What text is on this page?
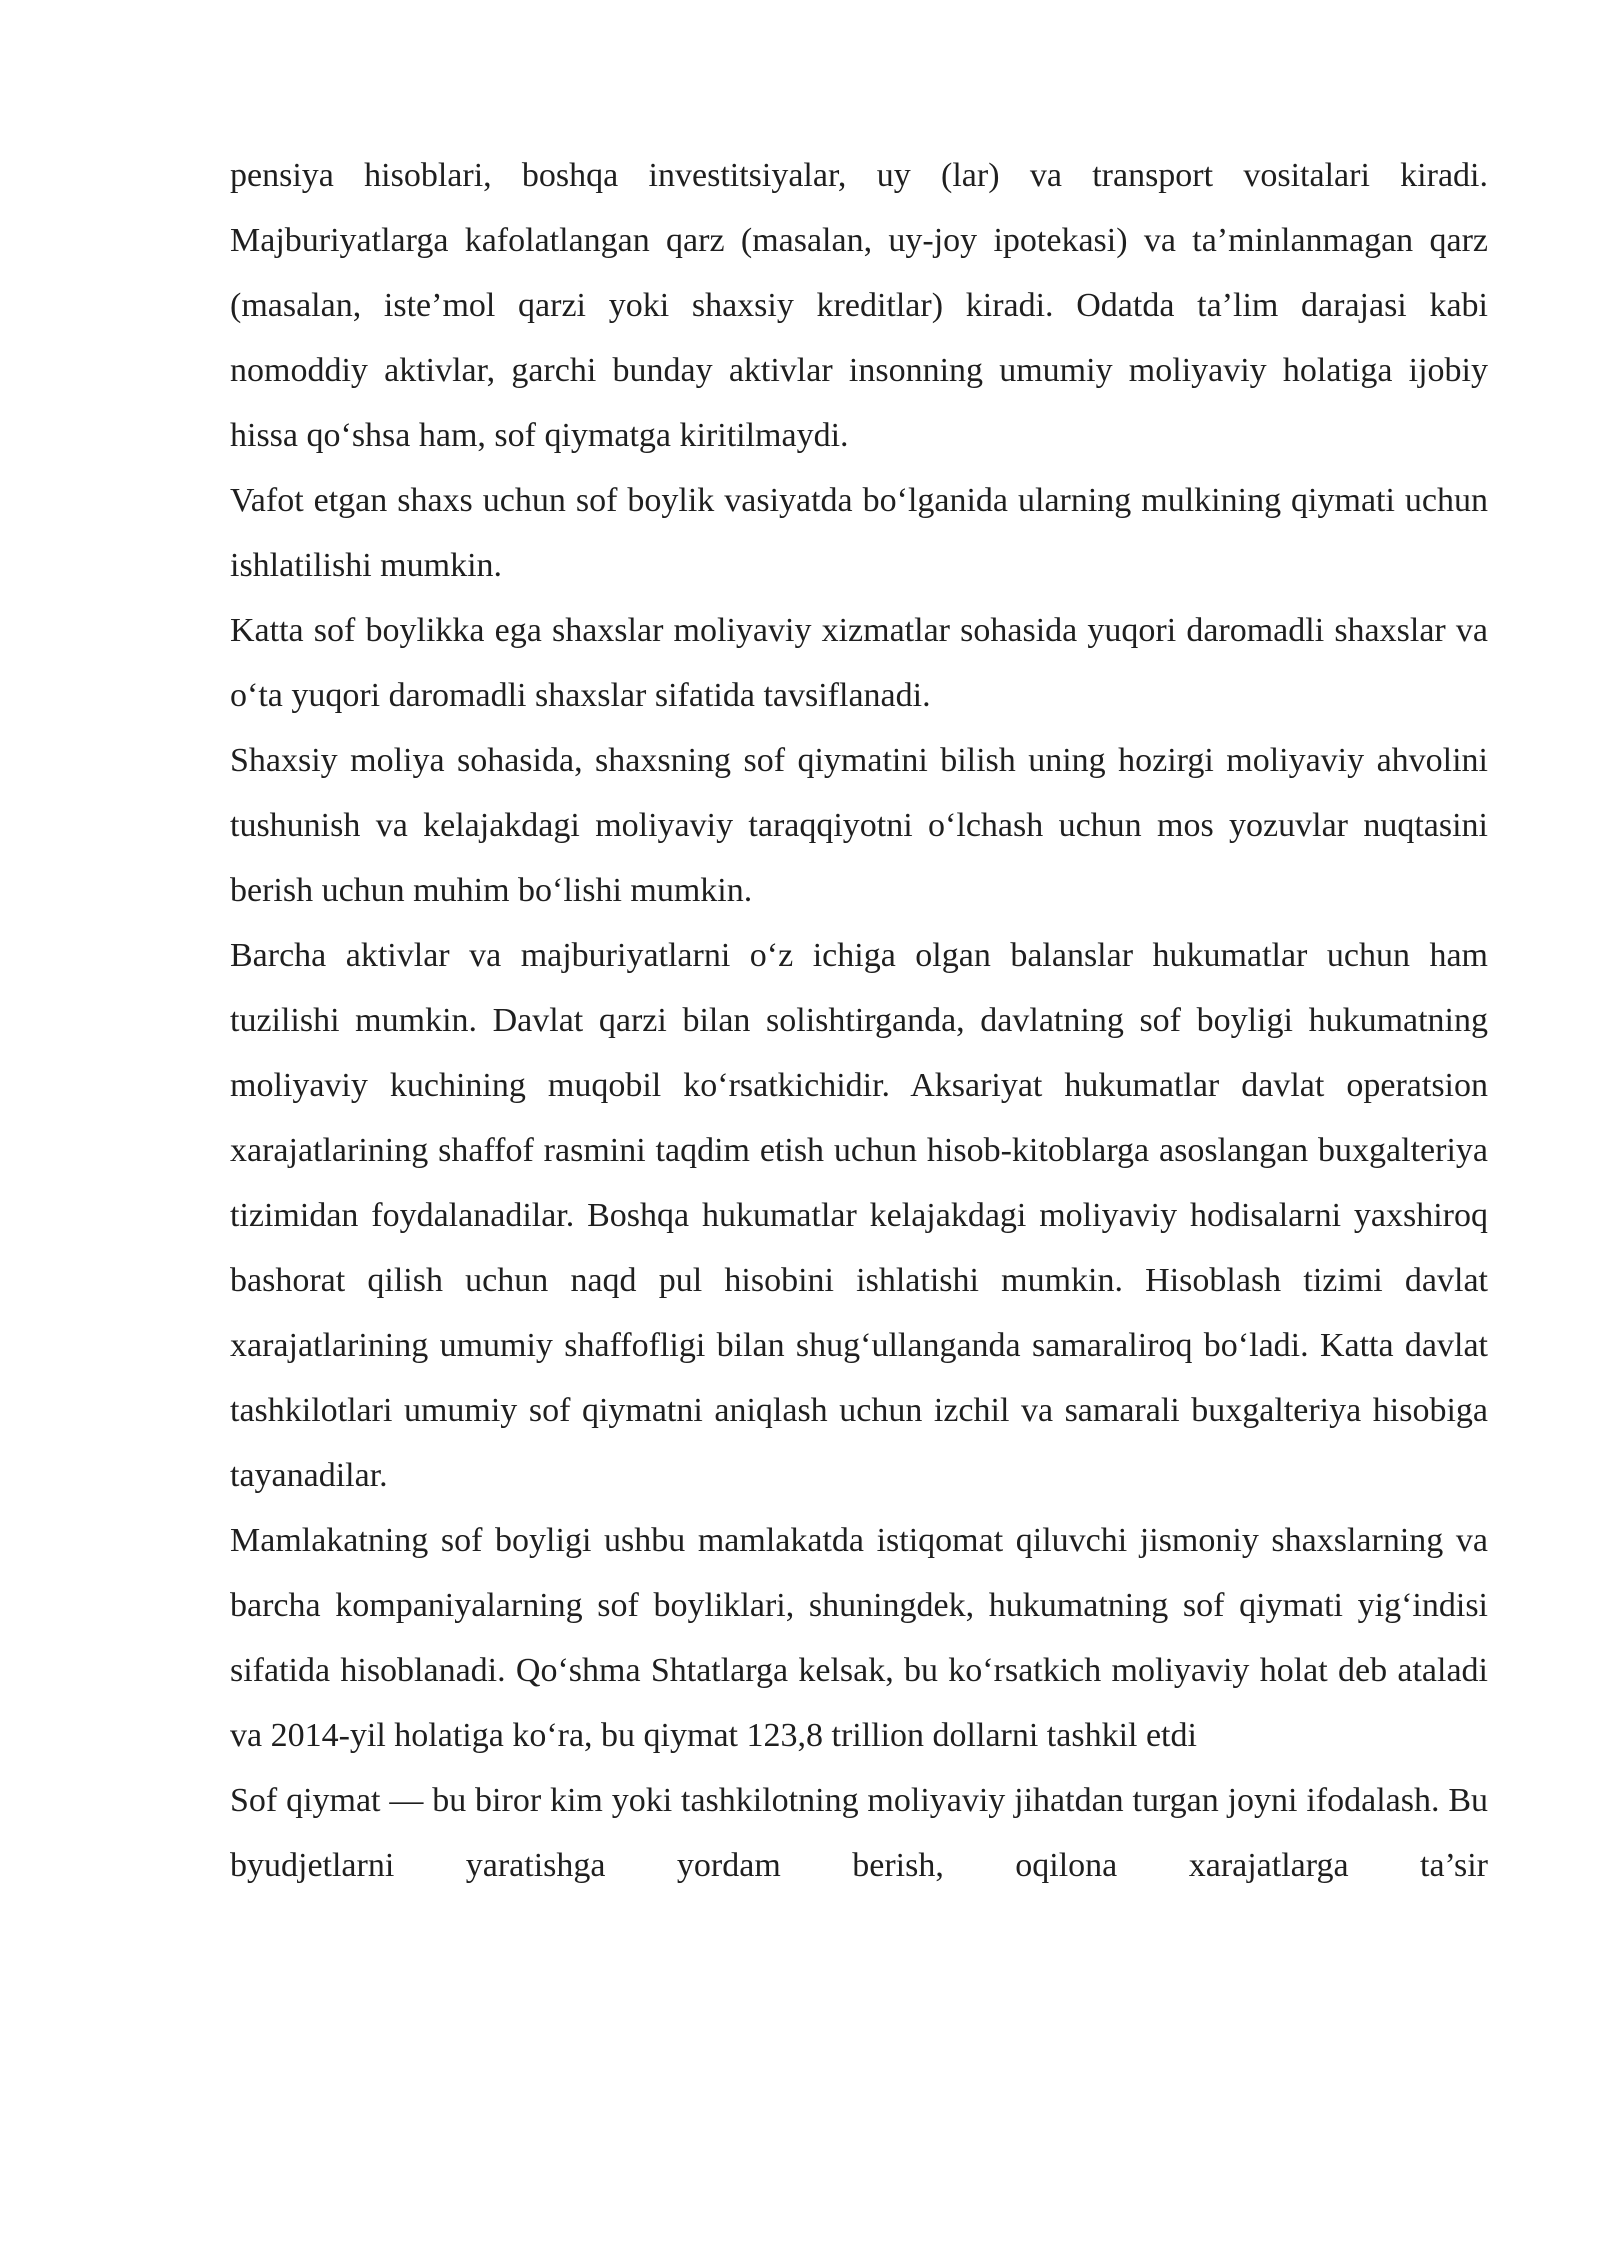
pensiya hisoblari, boshqa investitsiyalar, uy (lar) va transport vositalari kiradi. Majburiyatlarga kafolatlangan qarz (masalan, uy-joy ipotekasi) va ta’minlanmagan qarz (masalan, iste’mol qarzi yoki shaxsiy kreditlar) kiradi. Odatda ta’lim darajasi kabi nomoddiy aktivlar, garchi bunday aktivlar insonning umumiy moliyaviy holatiga ijobiy hissa qo‘shsa ham, sof qiymatga kiritilmaydi.

Vafot etgan shaxs uchun sof boylik vasiyatda bo‘lganida ularning mulkining qiymati uchun ishlatilishi mumkin.

Katta sof boylikka ega shaxslar moliyaviy xizmatlar sohasida yuqori daromadli shaxslar va o‘ta yuqori daromadli shaxslar sifatida tavsiflanadi.

Shaxsiy moliya sohasida, shaxsning sof qiymatini bilish uning hozirgi moliyaviy ahvolini tushunish va kelajakdagi moliyaviy taraqqiyotni o‘lchash uchun mos yozuvlar nuqtasini berish uchun muhim bo‘lishi mumkin.

Barcha aktivlar va majburiyatlarni o‘z ichiga olgan balanslar hukumatlar uchun ham tuzilishi mumkin. Davlat qarzi bilan solishtirganda, davlatning sof boyligi hukumatning moliyaviy kuchining muqobil ko‘rsatkichidir. Aksariyat hukumatlar davlat operatsion xarajatlarining shaffof rasmini taqdim etish uchun hisob-kitoblarga asoslangan buxgalteriya tizimidan foydalanadilar. Boshqa hukumatlar kelajakdagi moliyaviy hodisalarni yaxshiroq bashorat qilish uchun naqd pul hisobini ishlatishi mumkin. Hisoblash tizimi davlat xarajatlarining umumiy shaffofligi bilan shug‘ullanganda samaraliroq bo‘ladi. Katta davlat tashkilotlari umumiy sof qiymatni aniqlash uchun izchil va samarali buxgalteriya hisobiga tayanadilar.

Mamlakatning sof boyligi ushbu mamlakatda istiqomat qiluvchi jismoniy shaxslarning va barcha kompaniyalarning sof boyliklari, shuningdek, hukumatning sof qiymati yig‘indisi sifatida hisoblanadi. Qo‘shma Shtatlarga kelsak, bu ko‘rsatkich moliyaviy holat deb ataladi va 2014-yil holatiga ko‘ra, bu qiymat 123,8 trillion dollarni tashkil etdi

Sof qiymat — bu biror kim yoki tashkilotning moliyaviy jihatdan turgan joyni ifodalash. Bu byudjetlarni yaratishga yordam berish, oqilona xarajatlarga ta’sir
